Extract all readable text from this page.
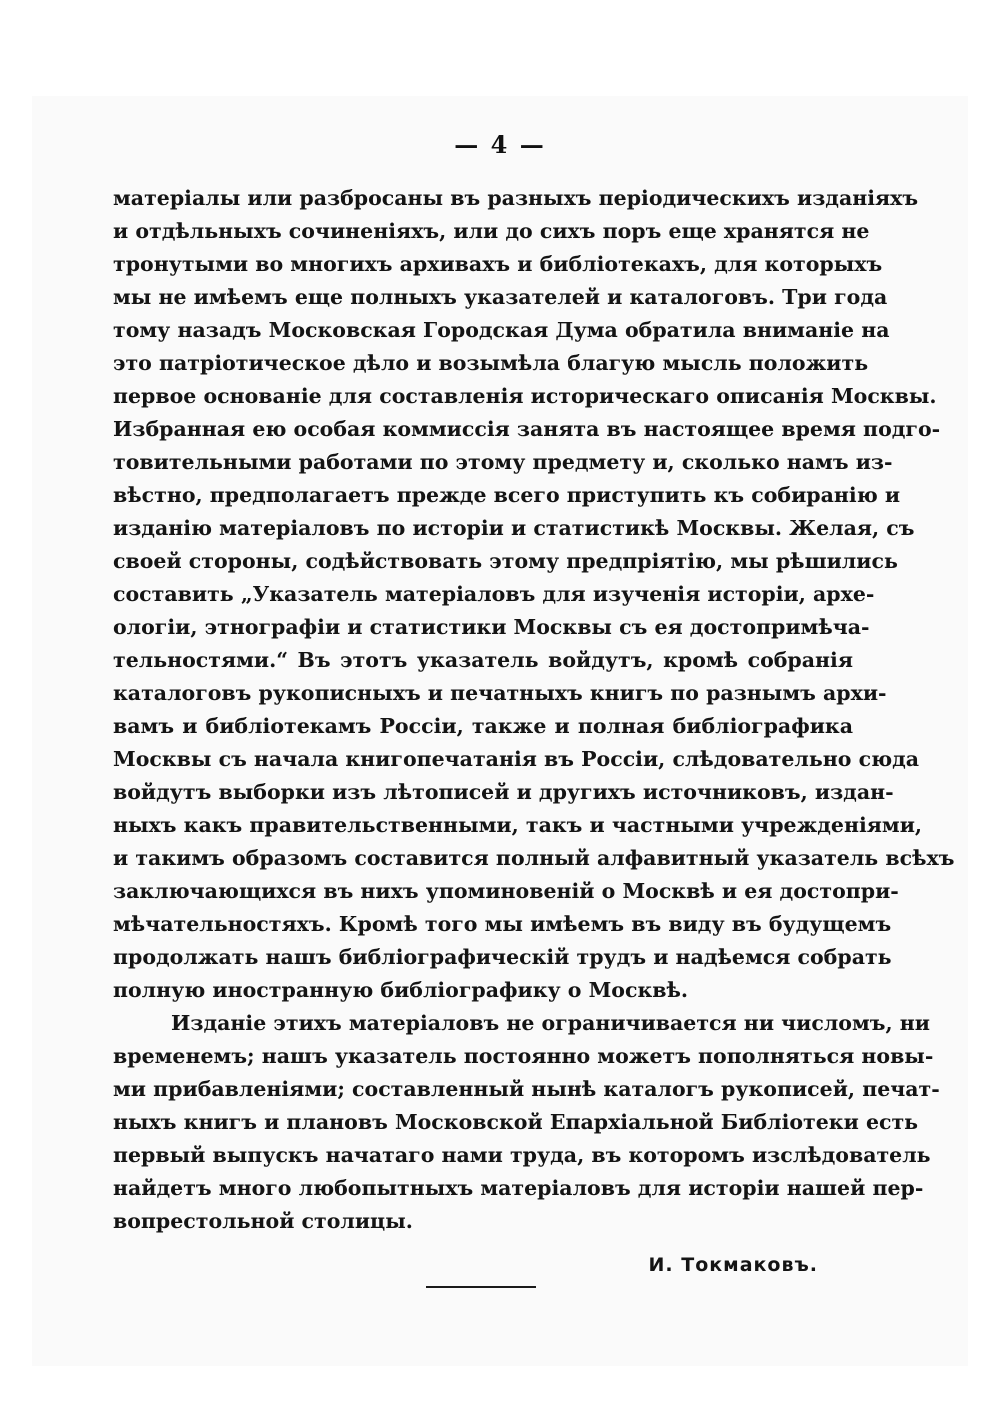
— 4 —
матеріалы или разбросаны въ разныхъ періодическихъ изданіяхъ
и отдѣльныхъ сочиненіяхъ, или до сихъ поръ еще хранятся не
тронутыми во многихъ архивахъ и библіотекахъ, для которыхъ
мы не имѣемъ еще полныхъ указателей и каталоговъ. Три года
тому назадъ Московская Городская Дума обратила вниманіе на
это патріотическое дѣло и возымѣла благую мысль положить
первое основаніе для составленія историческаго описанія Москвы.
Избранная ею особая коммиссія занята въ настоящее время подго-
товительными работами по этому предмету и, сколько намъ из-
вѣстно, предполагаетъ прежде всего приступить къ собиранію и
изданію матеріаловъ по исторіи и статистикѣ Москвы. Желая, съ
своей стороны, содѣйствовать этому предпріятію, мы рѣшились
составить „Указатель матеріаловъ для изученія исторіи, архе-
ологіи, этнографіи и статистики Москвы съ ея достопримѣча-
тельностями.“ Въ этотъ указатель войдутъ, кромѣ собранія
каталоговъ рукописныхъ и печатныхъ книгъ по разнымъ архи-
вамъ и библіотекамъ Россіи, также и полная библіографика
Москвы съ начала книгопечатанія въ Россіи, слѣдовательно сюда
войдутъ выборки изъ лѣтописей и другихъ источниковъ, издан-
ныхъ какъ правительственными, такъ и частными учрежденіями,
и такимъ образомъ составится полный алфавитный указатель всѣхъ
заключающихся въ нихъ упоминовеній о Москвѣ и ея достопри-
мѣчательностяхъ. Кромѣ того мы имѣемъ въ виду въ будущемъ
продолжать нашъ библіографическій трудъ и надѣемся собрать
полную иностранную библіографику о Москвѣ.
Изданіе этихъ матеріаловъ не ограничивается ни числомъ, ни
временемъ; нашъ указатель постоянно можетъ пополняться новы-
ми прибавленіями; составленный нынѣ каталогъ рукописей, печат-
ныхъ книгъ и плановъ Московской Епархіальной Библіотеки есть
первый выпускъ начатаго нами труда, въ которомъ изслѣдователь
найдетъ много любопытныхъ матеріаловъ для исторіи нашей пер-
вопрестольной столицы.
И. Токмаковъ.
